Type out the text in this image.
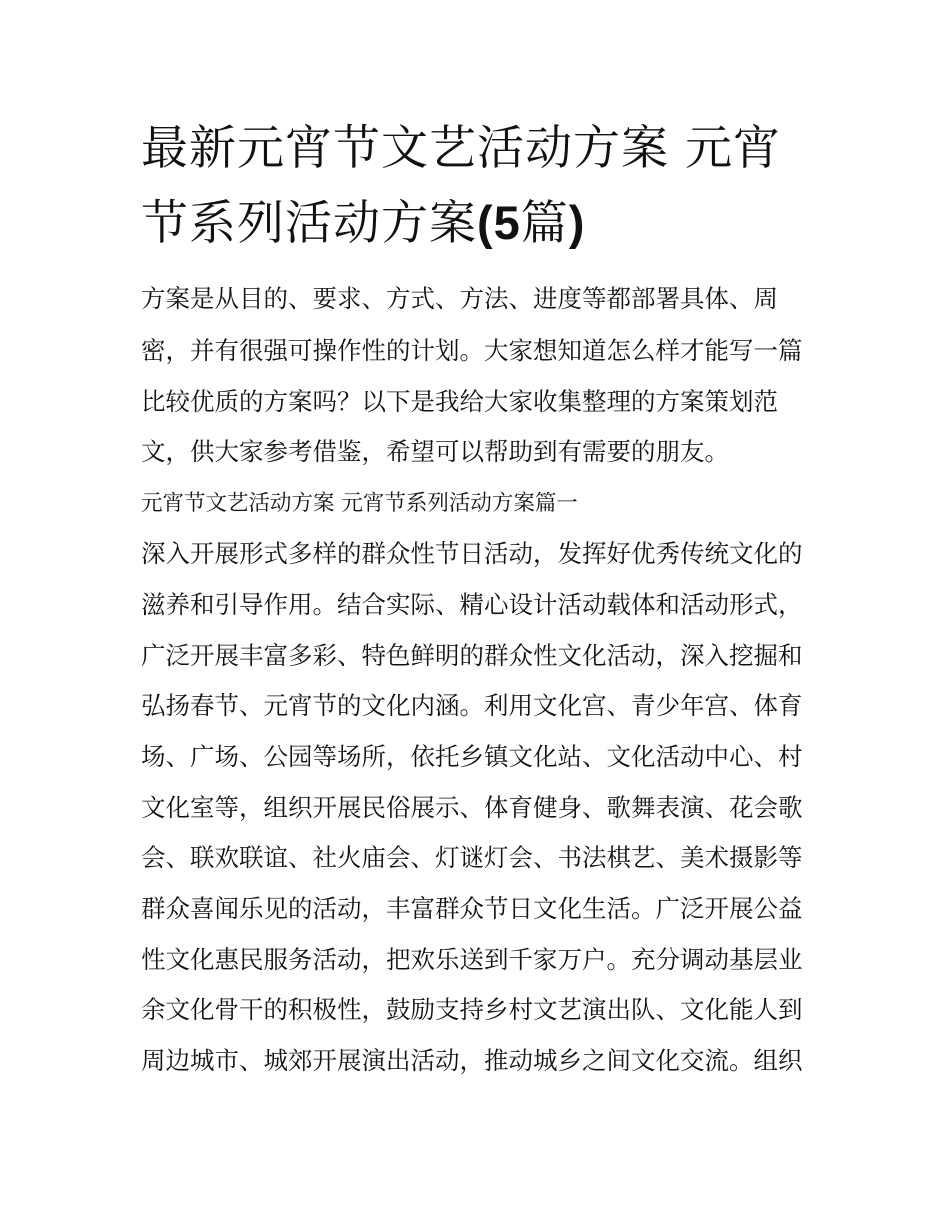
最新元宵节文艺活动方案 元宵
节系列活动方案(5篇)

方案是从目的、要求、方式、方法、进度等都部署具体、周

密，并有很强可操作性的计划。大家想知道怎么样才能写一篇

比较优质的方案吗？以下是我给大家收集整理的方案策划范

文，供大家参考借鉴，希望可以帮助到有需要的朋友。

元宵节文艺活动方案 元宵节系列活动方案篇一

深入开展形式多样的群众性节日活动，发挥好优秀传统文化的

滋养和引导作用。结合实际、精心设计活动载体和活动形式，

广泛开展丰富多彩、特色鲜明的群众性文化活动，深入挖掘和

弘扬春节、元宵节的文化内涵。利用文化宫、青少年宫、体育

场、广场、公园等场所，依托乡镇文化站、文化活动中心、村

文化室等，组织开展民俗展示、体育健身、歌舞表演、花会歌

会、联欢联谊、社火庙会、灯谜灯会、书法棋艺、美术摄影等

群众喜闻乐见的活动，丰富群众节日文化生活。广泛开展公益

性文化惠民服务活动，把欢乐送到千家万户。充分调动基层业

余文化骨干的积极性，鼓励支持乡村文艺演出队、文化能人到

周边城市、城郊开展演出活动，推动城乡之间文化交流。组织
